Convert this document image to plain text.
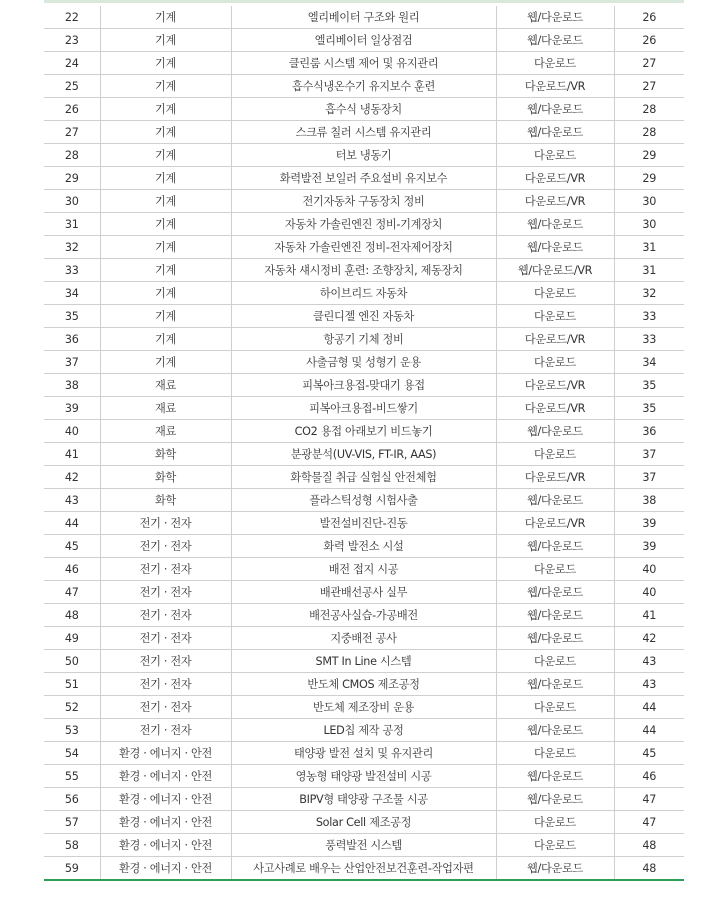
22	기계	엘리베이터 구조와 원리	웹/다운로드	26
23	기계	엘리베이터 일상점검	웹/다운로드	26
24	기계	클린룸 시스템 제어 및 유지관리	다운로드	27
25	기계	흡수식냉온수기 유지보수 훈련	다운로드/VR	27
26	기계	흡수식 냉동장치	웹/다운로드	28
27	기계	스크류 칠러 시스템 유지관리	웹/다운로드	28
28	기계	터보 냉동기	다운로드	29
29	기계	화력발전 보일러 주요설비 유지보수	다운로드/VR	29
30	기계	전기자동차 구동장치 정비	다운로드/VR	30
31	기계	자동차 가솔린엔진 정비-기계장치	웹/다운로드	30
32	기계	자동차 가솔린엔진 정비-전자제어장치	웹/다운로드	31
33	기계	자동차 섀시정비 훈련: 조향장치, 제동장치	웹/다운로드/VR	31
34	기계	하이브리드 자동차	다운로드	32
35	기계	클린디젤 엔진 자동차	다운로드	33
36	기계	항공기 기체 정비	다운로드/VR	33
37	기계	사출금형 및 성형기 운용	다운로드	34
38	재료	피복아크용접-맞대기 용접	다운로드/VR	35
39	재료	피복아크용접-비드쌓기	다운로드/VR	35
40	재료	CO2 용접 아래보기 비드놓기	웹/다운로드	36
41	화학	분광분석(UV-VIS, FT-IR, AAS)	다운로드	37
42	화학	화학물질 취급 실험실 안전체험	다운로드/VR	37
43	화학	플라스틱성형 시험사출	웹/다운로드	38
44	전기 · 전자	발전설비진단-진동	다운로드/VR	39
45	전기 · 전자	화력 발전소 시설	웹/다운로드	39
46	전기 · 전자	배전 접지 시공	다운로드	40
47	전기 · 전자	배관배선공사 실무	웹/다운로드	40
48	전기 · 전자	배전공사실습-가공배전	웹/다운로드	41
49	전기 · 전자	지중배전 공사	웹/다운로드	42
50	전기 · 전자	SMT In Line 시스템	다운로드	43
51	전기 · 전자	반도체 CMOS 제조공정	웹/다운로드	43
52	전기 · 전자	반도체 제조장비 운용	다운로드	44
53	전기 · 전자	LED칩 제작 공정	웹/다운로드	44
54	환경 · 에너지 · 안전	태양광 발전 설치 및 유지관리	다운로드	45
55	환경 · 에너지 · 안전	영농형 태양광 발전설비 시공	웹/다운로드	46
56	환경 · 에너지 · 안전	BIPV형 태양광 구조물 시공	웹/다운로드	47
57	환경 · 에너지 · 안전	Solar Cell 제조공정	다운로드	47
58	환경 · 에너지 · 안전	풍력발전 시스템	다운로드	48
59	환경 · 에너지 · 안전	사고사례로 배우는 산업안전보건훈련-작업자편	웹/다운로드	48
